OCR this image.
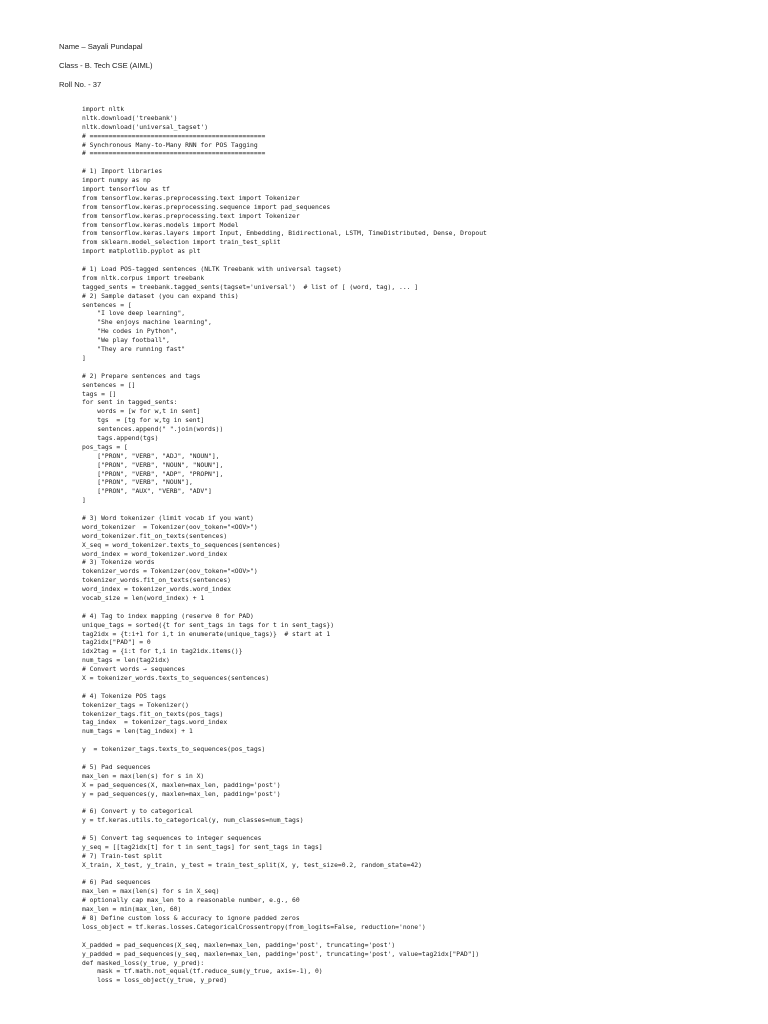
Name – Sayali Pundapal
Class - B. Tech CSE (AIML)
Roll No. - 37
import nltk
nltk.download('treebank')
nltk.download('universal_tagset')
# ==============================================
# Synchronous Many-to-Many RNN for POS Tagging
# ==============================================
# 1) Import libraries
import numpy as np
import tensorflow as tf
from tensorflow.keras.preprocessing.text import Tokenizer
from tensorflow.keras.preprocessing.sequence import pad_sequences
from tensorflow.keras.preprocessing.text import Tokenizer
from tensorflow.keras.models import Model
from tensorflow.keras.layers import Input, Embedding, Bidirectional, LSTM, TimeDistributed, Dense, Dropout
from sklearn.model_selection import train_test_split
import matplotlib.pyplot as plt
# 1) Load POS-tagged sentences (NLTK Treebank with universal tagset)
from nltk.corpus import treebank
tagged_sents = treebank.tagged_sents(tagset='universal')  # list of [ (word, tag), ... ]
# 2) Sample dataset (you can expand this)
sentences = [
"I love deep learning",
"She enjoys machine learning",
"He codes in Python",
"We play football",
"They are running fast"
]
# 2) Prepare sentences and tags
sentences = []
tags = []
for sent in tagged_sents:
words = [w for w,t in sent]
tgs  = [tg for w,tg in sent]
sentences.append(" ".join(words))
tags.append(tgs)
pos_tags = [
["PRON", "VERB", "ADJ", "NOUN"],
["PRON", "VERB", "NOUN", "NOUN"],
["PRON", "VERB", "ADP", "PROPN"],
["PRON", "VERB", "NOUN"],
["PRON", "AUX", "VERB", "ADV"]
]
# 3) Word tokenizer (limit vocab if you want)
word_tokenizer  = Tokenizer(oov_token="<OOV>")
word_tokenizer.fit_on_texts(sentences)
X_seq = word_tokenizer.texts_to_sequences(sentences)
word_index = word_tokenizer.word_index
# 3) Tokenize words
tokenizer_words = Tokenizer(oov_token="<OOV>")
tokenizer_words.fit_on_texts(sentences)
word_index = tokenizer_words.word_index
vocab_size = len(word_index) + 1
# 4) Tag to index mapping (reserve 0 for PAD)
unique_tags = sorted({t for sent_tags in tags for t in sent_tags})
tag2idx = {t:i+1 for i,t in enumerate(unique_tags)}  # start at 1
tag2idx["PAD"] = 0
idx2tag = {i:t for t,i in tag2idx.items()}
num_tags = len(tag2idx)
# Convert words → sequences
X = tokenizer_words.texts_to_sequences(sentences)
# 4) Tokenize POS tags
tokenizer_tags = Tokenizer()
tokenizer_tags.fit_on_texts(pos_tags)
tag_index  = tokenizer_tags.word_index
num_tags = len(tag_index) + 1
y  = tokenizer_tags.texts_to_sequences(pos_tags)
# 5) Pad sequences
max_len = max(len(s) for s in X)
X = pad_sequences(X, maxlen=max_len, padding='post')
y = pad_sequences(y, maxlen=max_len, padding='post')
# 6) Convert y to categorical
y = tf.keras.utils.to_categorical(y, num_classes=num_tags)
# 5) Convert tag sequences to integer sequences
y_seq = [[tag2idx[t] for t in sent_tags] for sent_tags in tags]
# 7) Train-test split
X_train, X_test, y_train, y_test = train_test_split(X, y, test_size=0.2, random_state=42)
# 6) Pad sequences
max_len = max(len(s) for s in X_seq)
# optionally cap max_len to a reasonable number, e.g., 60
max_len = min(max_len, 60)
# 8) Define custom loss & accuracy to ignore padded zeros
loss_object = tf.keras.losses.CategoricalCrossentropy(from_logits=False, reduction='none')
X_padded = pad_sequences(X_seq, maxlen=max_len, padding='post', truncating='post')
y_padded = pad_sequences(y_seq, maxlen=max_len, padding='post', truncating='post', value=tag2idx["PAD"])
def masked_loss(y_true, y_pred):
mask = tf.math.not_equal(tf.reduce_sum(y_true, axis=-1), 0)
loss = loss_object(y_true, y_pred)
